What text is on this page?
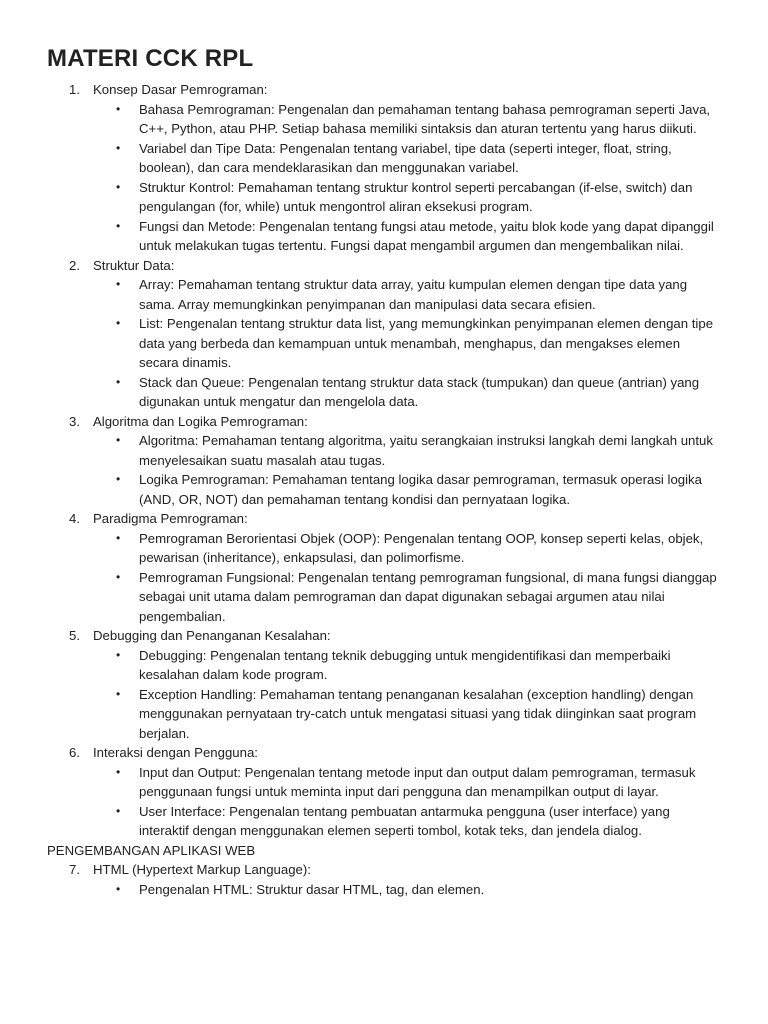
MATERI CCK RPL
1. Konsep Dasar Pemrograman:
•	Bahasa Pemrograman: Pengenalan dan pemahaman tentang bahasa pemrograman seperti Java, C++, Python, atau PHP. Setiap bahasa memiliki sintaksis dan aturan tertentu yang harus diikuti.
•	Variabel dan Tipe Data: Pengenalan tentang variabel, tipe data (seperti integer, float, string, boolean), dan cara mendeklarasikan dan menggunakan variabel.
•	Struktur Kontrol: Pemahaman tentang struktur kontrol seperti percabangan (if-else, switch) dan pengulangan (for, while) untuk mengontrol aliran eksekusi program.
•	Fungsi dan Metode: Pengenalan tentang fungsi atau metode, yaitu blok kode yang dapat dipanggil untuk melakukan tugas tertentu. Fungsi dapat mengambil argumen dan mengembalikan nilai.
2. Struktur Data:
•	Array: Pemahaman tentang struktur data array, yaitu kumpulan elemen dengan tipe data yang sama. Array memungkinkan penyimpanan dan manipulasi data secara efisien.
•	List: Pengenalan tentang struktur data list, yang memungkinkan penyimpanan elemen dengan tipe data yang berbeda dan kemampuan untuk menambah, menghapus, dan mengakses elemen secara dinamis.
•	Stack dan Queue: Pengenalan tentang struktur data stack (tumpukan) dan queue (antrian) yang digunakan untuk mengatur dan mengelola data.
3. Algoritma dan Logika Pemrograman:
•	Algoritma: Pemahaman tentang algoritma, yaitu serangkaian instruksi langkah demi langkah untuk menyelesaikan suatu masalah atau tugas.
•	Logika Pemrograman: Pemahaman tentang logika dasar pemrograman, termasuk operasi logika (AND, OR, NOT) dan pemahaman tentang kondisi dan pernyataan logika.
4. Paradigma Pemrograman:
•	Pemrograman Berorientasi Objek (OOP): Pengenalan tentang OOP, konsep seperti kelas, objek, pewarisan (inheritance), enkapsulasi, dan polimorfisme.
•	Pemrograman Fungsional: Pengenalan tentang pemrograman fungsional, di mana fungsi dianggap sebagai unit utama dalam pemrograman dan dapat digunakan sebagai argumen atau nilai pengembalian.
5. Debugging dan Penanganan Kesalahan:
•	Debugging: Pengenalan tentang teknik debugging untuk mengidentifikasi dan memperbaiki kesalahan dalam kode program.
•	Exception Handling: Pemahaman tentang penanganan kesalahan (exception handling) dengan menggunakan pernyataan try-catch untuk mengatasi situasi yang tidak diinginkan saat program berjalan.
6. Interaksi dengan Pengguna:
•	Input dan Output: Pengenalan tentang metode input dan output dalam pemrograman, termasuk penggunaan fungsi untuk meminta input dari pengguna dan menampilkan output di layar.
•	User Interface: Pengenalan tentang pembuatan antarmuka pengguna (user interface) yang interaktif dengan menggunakan elemen seperti tombol, kotak teks, dan jendela dialog.
PENGEMBANGAN APLIKASI WEB
7. HTML (Hypertext Markup Language):
•	Pengenalan HTML: Struktur dasar HTML, tag, dan elemen.
